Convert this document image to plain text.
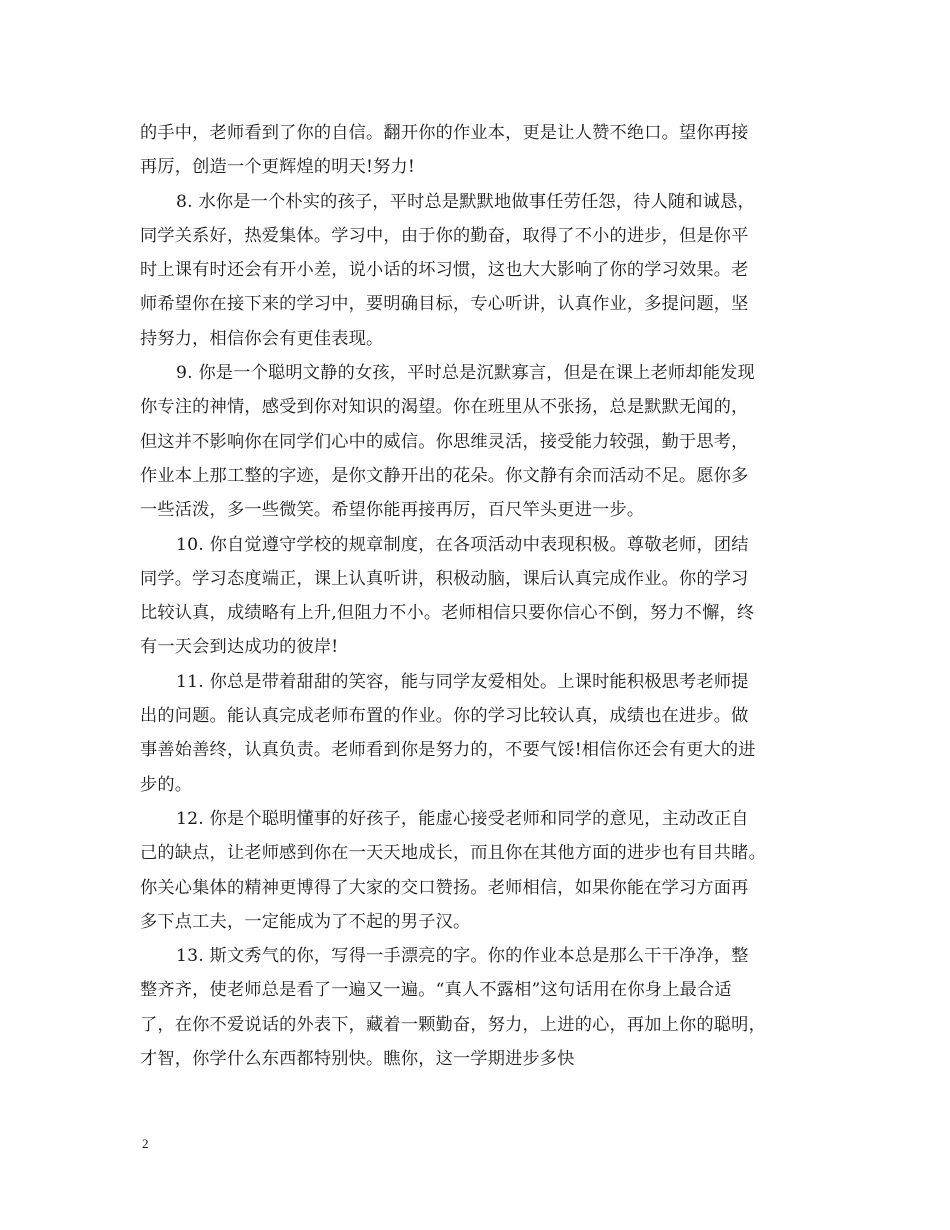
的手中，老师看到了你的自信。翻开你的作业本，更是让人赞不绝口。望你再接
再厉，创造一个更辉煌的明天!努力!
8. 水你是一个朴实的孩子，平时总是默默地做事任劳任怨，待人随和诚恳，
同学关系好，热爱集体。学习中，由于你的勤奋，取得了不小的进步，但是你平
时上课有时还会有开小差，说小话的坏习惯，这也大大影响了你的学习效果。老
师希望你在接下来的学习中，要明确目标，专心听讲，认真作业，多提问题，坚
持努力，相信你会有更佳表现。
9. 你是一个聪明文静的女孩，平时总是沉默寡言，但是在课上老师却能发现
你专注的神情，感受到你对知识的渴望。你在班里从不张扬，总是默默无闻的，
但这并不影响你在同学们心中的威信。你思维灵活，接受能力较强，勤于思考，
作业本上那工整的字迹，是你文静开出的花朵。你文静有余而活动不足。愿你多
一些活泼，多一些微笑。希望你能再接再厉，百尺竿头更进一步。
10. 你自觉遵守学校的规章制度，在各项活动中表现积极。尊敬老师，团结
同学。学习态度端正，课上认真听讲，积极动脑，课后认真完成作业。你的学习
比较认真，成绩略有上升,但阻力不小。老师相信只要你信心不倒，努力不懈，终
有一天会到达成功的彼岸!
11. 你总是带着甜甜的笑容，能与同学友爱相处。上课时能积极思考老师提
出的问题。能认真完成老师布置的作业。你的学习比较认真，成绩也在进步。做
事善始善终，认真负责。老师看到你是努力的，不要气馁!相信你还会有更大的进
步的。
12. 你是个聪明懂事的好孩子，能虚心接受老师和同学的意见，主动改正自
己的缺点，让老师感到你在一天天地成长，而且你在其他方面的进步也有目共睹。
你关心集体的精神更博得了大家的交口赞扬。老师相信，如果你能在学习方面再
多下点工夫，一定能成为了不起的男子汉。
13. 斯文秀气的你，写得一手漂亮的字。你的作业本总是那么干干净净，整
整齐齐，使老师总是看了一遍又一遍。“真人不露相”这句话用在你身上最合适
了，在你不爱说话的外表下，藏着一颗勤奋，努力，上进的心，再加上你的聪明，
才智，你学什么东西都特别快。瞧你，这一学期进步多快
2
